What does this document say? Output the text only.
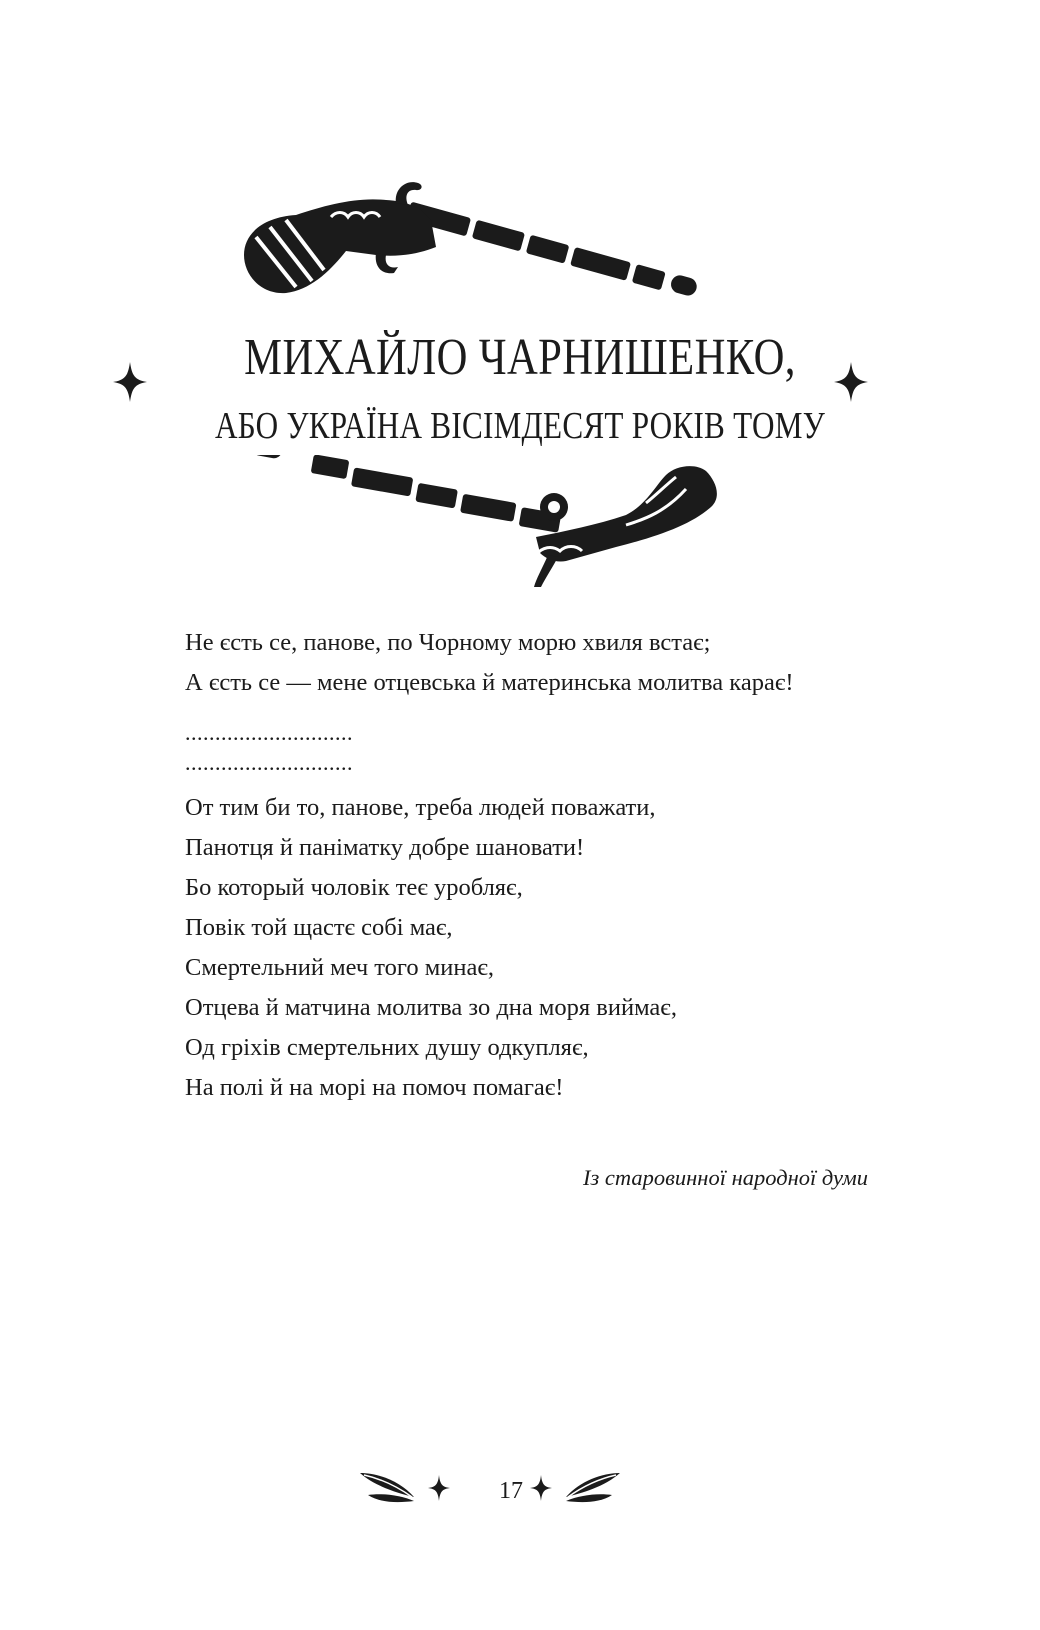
МИХАЙЛО ЧАРНИШЕНКО,
АБО УКРАЇНА ВІСІМДЕСЯТ РОКІВ ТОМУ
Не єсть се, панове, по Чорному морю хвиля встає;
А єсть се — мене отцевська й материнська молитва карає!
............................
............................
От тим би то, панове, треба людей поважати,
Панотця й паніматку добре шановати!
Бо который чоловік теє уробляє,
Повік той щастє собі має,
Смертельний меч того минає,
Отцева й матчина молитва зо дна моря виймає,
Од гріхів смертельних душу одкупляє,
На полі й на морі на помоч помагає!
Із старовинної народної думи
17
